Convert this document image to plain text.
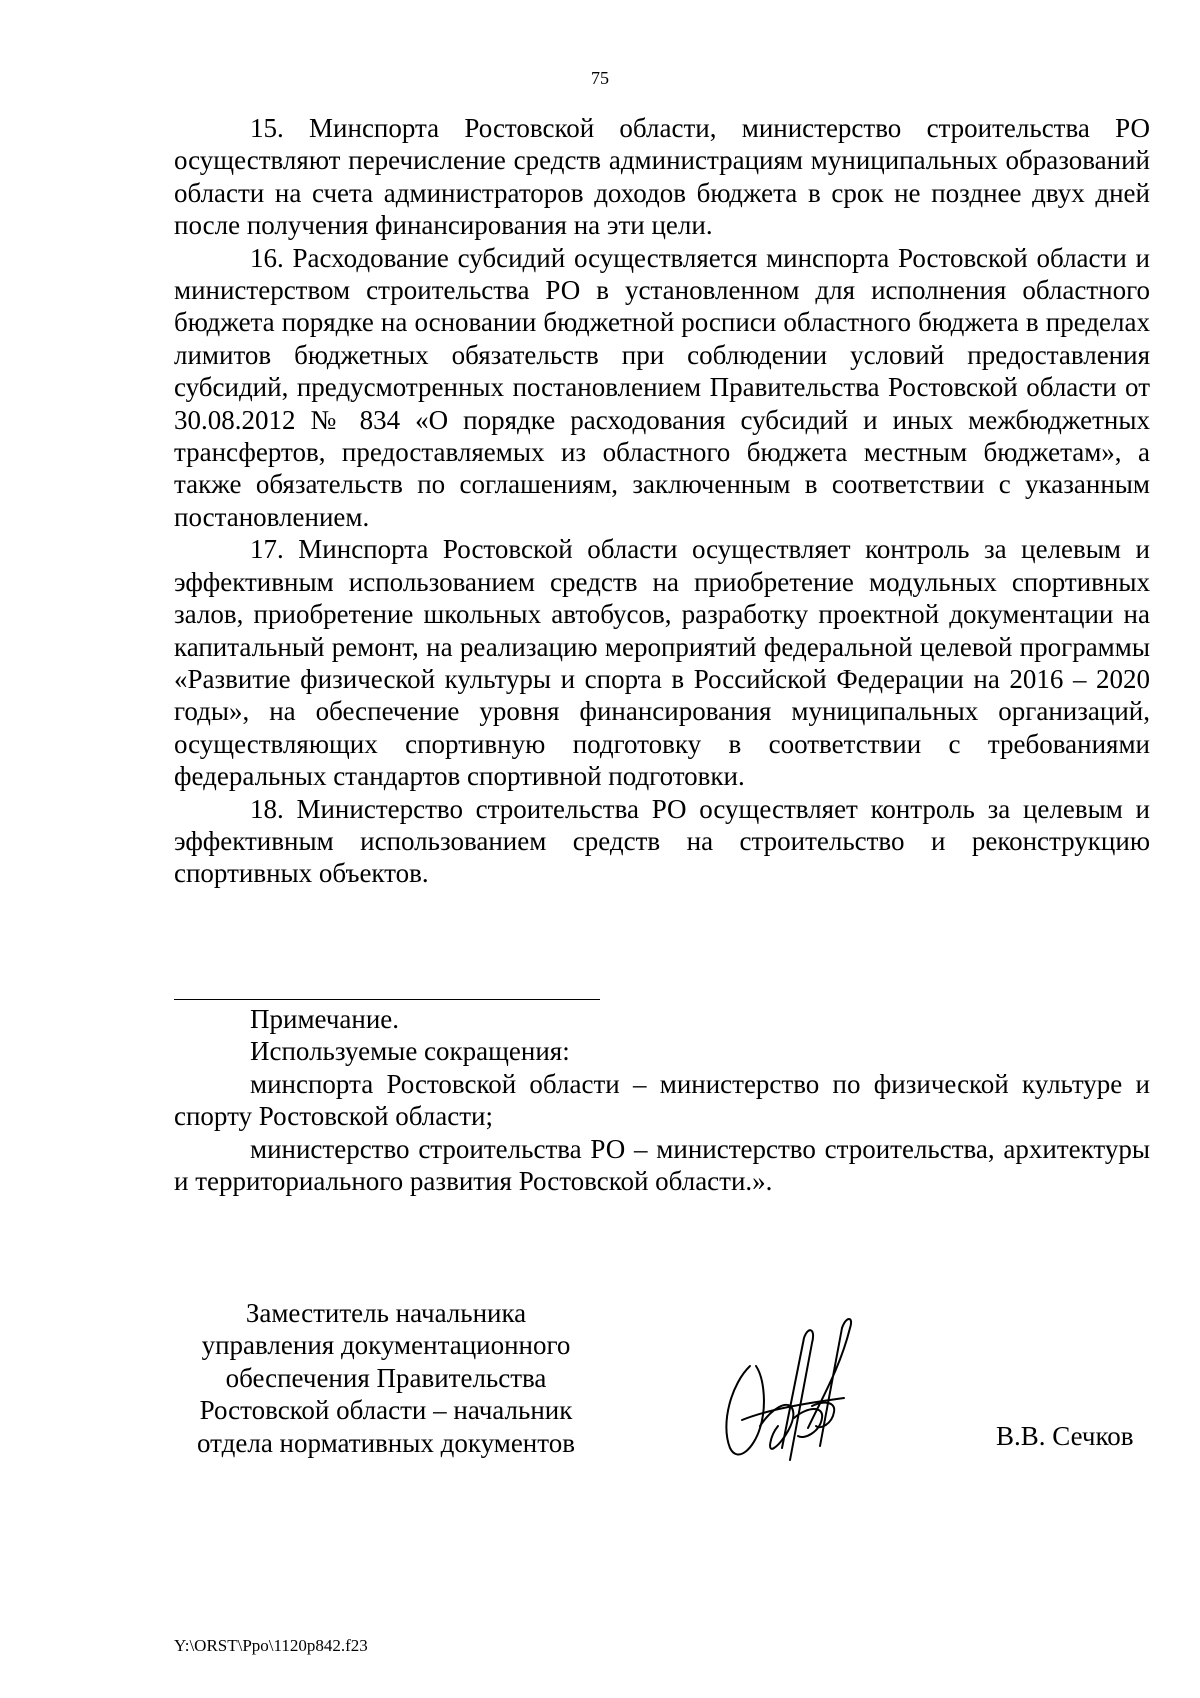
75

15. Минспорта Ростовской области, министерство строительства РО осуществляют перечисление средств администрациям муниципальных образований области на счета администраторов доходов бюджета в срок не позднее двух дней после получения финансирования на эти цели.

16. Расходование субсидий осуществляется минспорта Ростовской области и министерством строительства РО в установленном для исполнения областного бюджета порядке на основании бюджетной росписи областного бюджета в пределах лимитов бюджетных обязательств при соблюдении условий предоставления субсидий, предусмотренных постановлением Правительства Ростовской области от 30.08.2012 № 834 «О порядке расходования субсидий и иных межбюджетных трансфертов, предоставляемых из областного бюджета местным бюджетам», а также обязательств по соглашениям, заключенным в соответствии с указанным постановлением.

17. Минспорта Ростовской области осуществляет контроль за целевым и эффективным использованием средств на приобретение модульных спортивных залов, приобретение школьных автобусов, разработку проектной документации на капитальный ремонт, на реализацию мероприятий федеральной целевой программы «Развитие физической культуры и спорта в Российской Федерации на 2016 – 2020 годы», на обеспечение уровня финансирования муниципальных организаций, осуществляющих спортивную подготовку в соответствии с требованиями федеральных стандартов спортивной подготовки.

18. Министерство строительства РО осуществляет контроль за целевым и эффективным использованием средств на строительство и реконструкцию спортивных объектов.

Примечание.

Используемые сокращения:

минспорта Ростовской области – министерство по физической культуре и спорту Ростовской области;

министерство строительства РО – министерство строительства, архитектуры и территориального развития Ростовской области.».

Заместитель начальника
управления документационного
обеспечения Правительства
Ростовской области – начальник
отдела нормативных документов	В.В. Сечков
Y:\ORST\Ppo\1120p842.f23
